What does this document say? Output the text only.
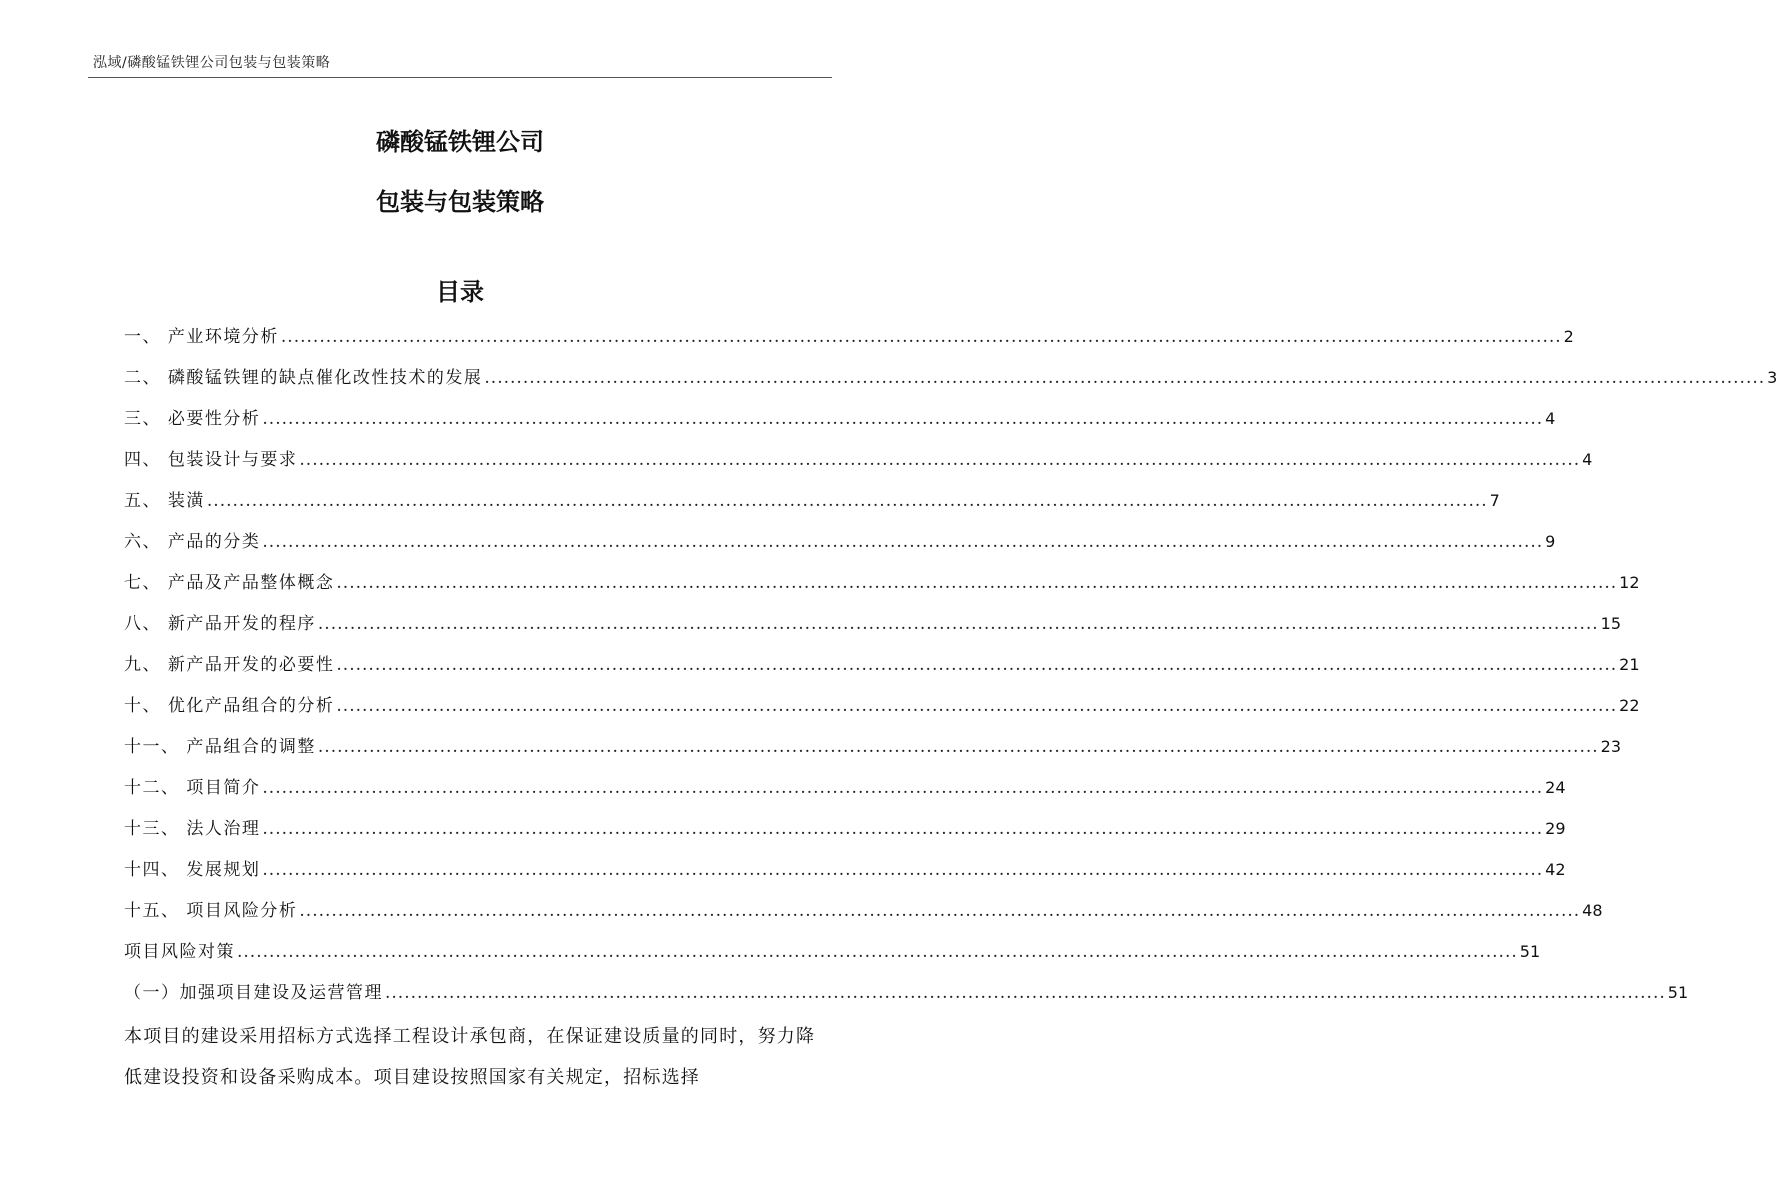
泓域/磷酸锰铁锂公司包装与包装策略
磷酸锰铁锂公司
包装与包装策略
目录
一、 产业环境分析 ........................................................................................................................................................................................................ 2
二、 磷酸锰铁锂的缺点催化改性技术的发展 ........................................................................................................................................................................................................ 3
三、 必要性分析 ........................................................................................................................................................................................................ 4
四、 包装设计与要求 ........................................................................................................................................................................................................ 4
五、 装潢 ........................................................................................................................................................................................................ 7
六、 产品的分类 ........................................................................................................................................................................................................ 9
七、 产品及产品整体概念 ........................................................................................................................................................................................................ 12
八、 新产品开发的程序 ........................................................................................................................................................................................................ 15
九、 新产品开发的必要性 ........................................................................................................................................................................................................ 21
十、 优化产品组合的分析 ........................................................................................................................................................................................................ 22
十一、 产品组合的调整 ........................................................................................................................................................................................................ 23
十二、 项目简介 ........................................................................................................................................................................................................ 24
十三、 法人治理 ........................................................................................................................................................................................................ 29
十四、 发展规划 ........................................................................................................................................................................................................ 42
十五、 项目风险分析 ........................................................................................................................................................................................................ 48
项目风险对策 ........................................................................................................................................................................................................ 51
（一）加强项目建设及运营管理 ........................................................................................................................................................................................................ 51
本项目的建设采用招标方式选择工程设计承包商，在保证建设质量的同时，努力降低建设投资和设备采购成本。项目建设按照国家有关规定，招标选择
